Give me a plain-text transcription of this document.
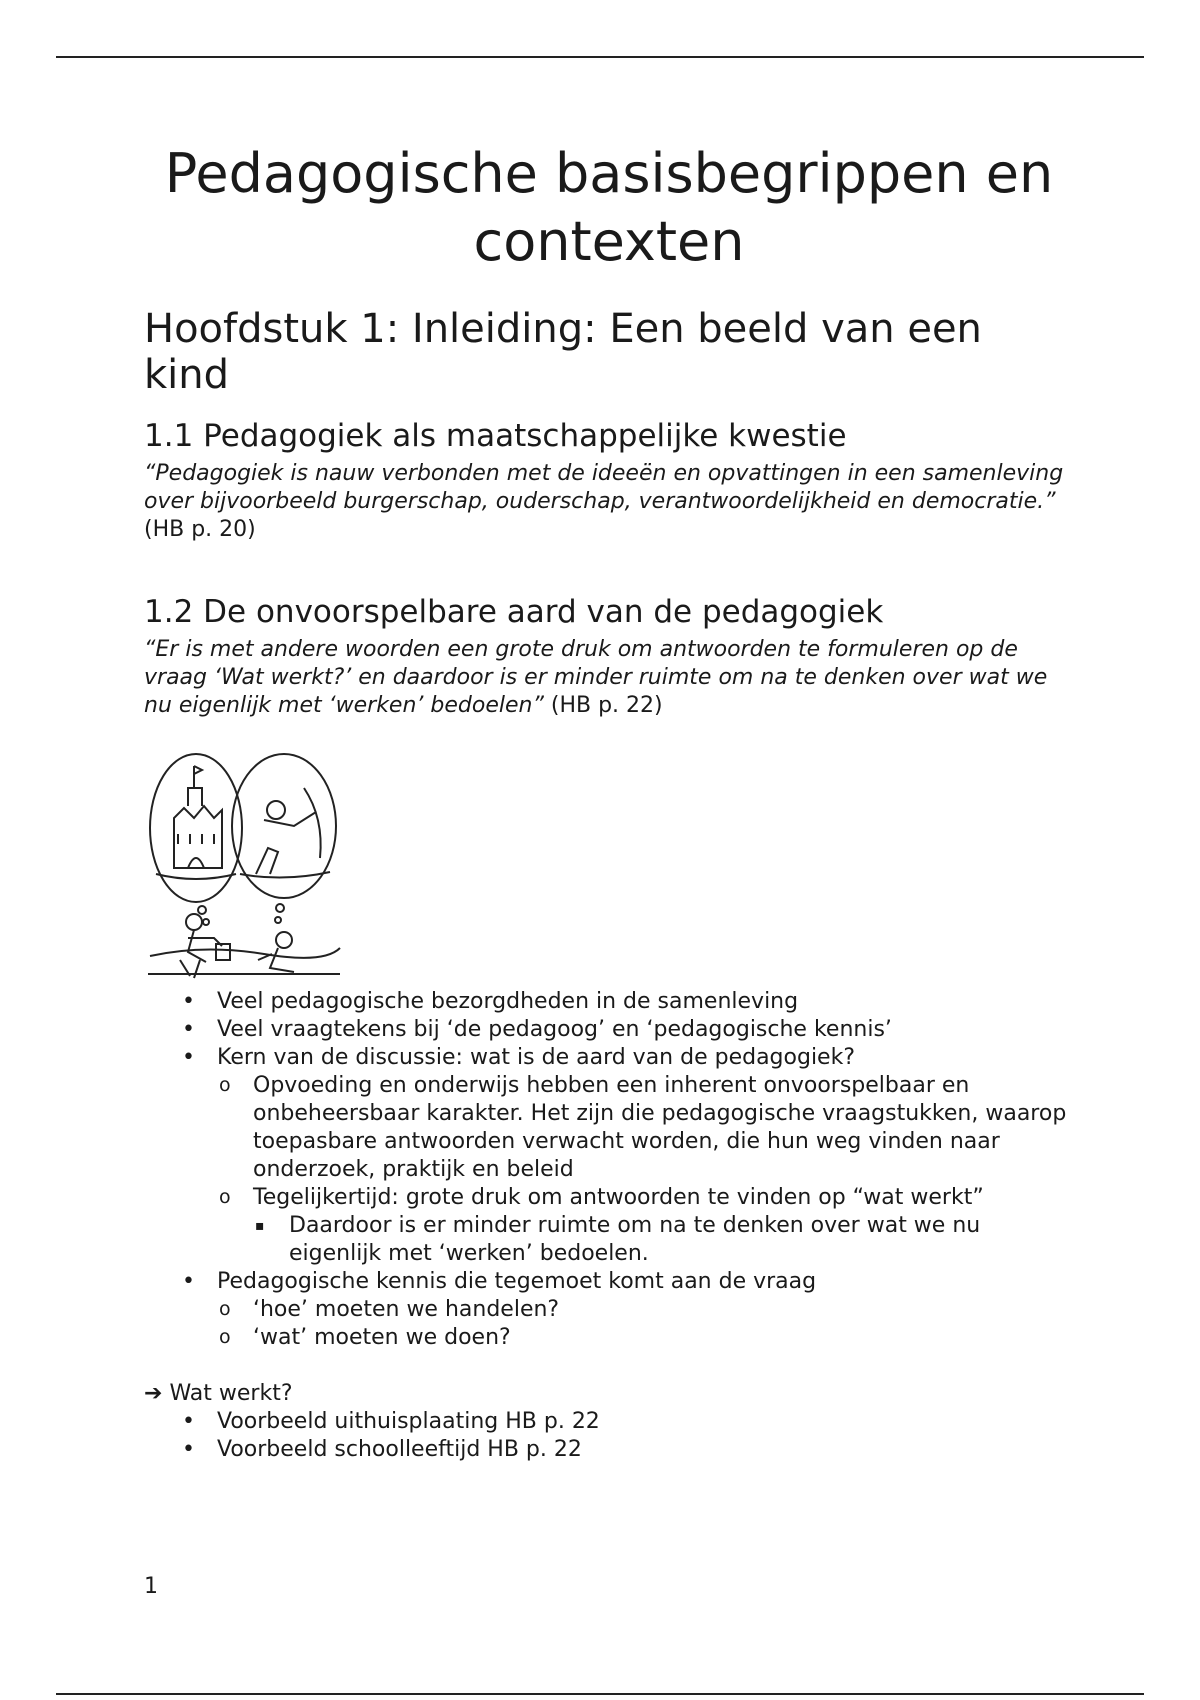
Pedagogische basisbegrippen en contexten
Hoofdstuk 1: Inleiding: Een beeld van een kind
1.1 Pedagogiek als maatschappelijke kwestie

“Pedagogiek is nauw verbonden met de ideeën en opvattingen in een samenleving over bijvoorbeeld burgerschap, ouderschap, verantwoordelijkheid en democratie.” (HB p. 20)

1.2 De onvoorspelbare aard van de pedagogiek

“Er is met andere woorden een grote druk om antwoorden te formuleren op de vraag ‘Wat werkt?’ en daardoor is er minder ruimte om na te denken over wat we nu eigenlijk met ‘werken’ bedoelen” (HB p. 22)

• Veel pedagogische bezorgdheden in de samenleving
• Veel vraagtekens bij ‘de pedagoog’ en ‘pedagogische kennis’
• Kern van de discussie: wat is de aard van de pedagogiek?
o Opvoeding en onderwijs hebben een inherent onvoorspelbaar en onbeheersbaar karakter. Het zijn die pedagogische vraagstukken, waarop toepasbare antwoorden verwacht worden, die hun weg vinden naar onderzoek, praktijk en beleid
o Tegelijkertijd: grote druk om antwoorden te vinden op “wat werkt”
▪ Daardoor is er minder ruimte om na te denken over wat we nu eigenlijk met ‘werken’ bedoelen.
• Pedagogische kennis die tegemoet komt aan de vraag
o ‘hoe’ moeten we handelen?
o ‘wat’ moeten we doen?
➔ Wat werkt?
• Voorbeeld uithuisplaating HB p. 22
• Voorbeeld schoolleeftijd HB p. 22
1
